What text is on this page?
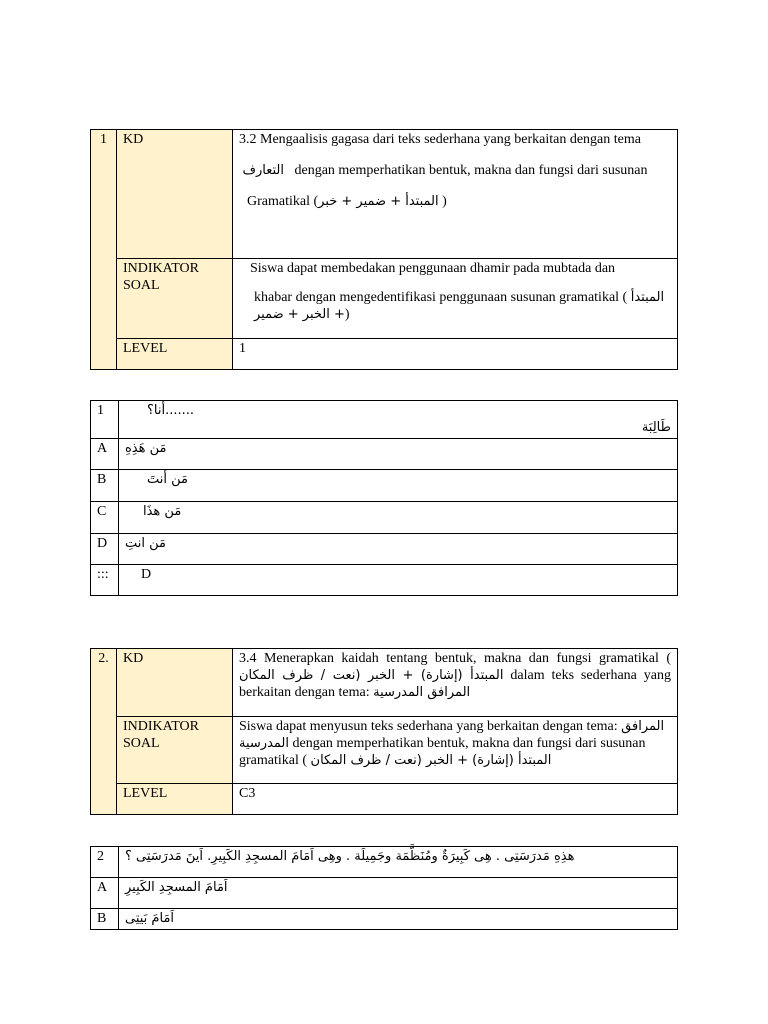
1	KD	3.2 Mengaalisis gagasa dari teks sederhana yang berkaitan dengan tema

التعارف dengan memperhatikan bentuk, makna dan fungsi dari susunan

Gramatikal (المبتدأ + ضمير + خبر )

	INDIKATOR SOAL	Siswa dapat membedakan penggunaan dhamir pada mubtada dan

khabar dengan mengedentifikasi penggunaan susunan gramatikal ( المبتدأ + الخبر + ضمير)

	LEVEL	1
1	أنا؟.......

طَالِبَة

A	مَن هَذِهِ
B	مَن أنتَ
C	مَن هذَا
D	مَن انتِ
:::	D
2.	KD	3.4 Menerapkan kaidah tentang bentuk, makna dan fungsi gramatikal ( المبتدأ (إشارة) + الخبر (نعت / ظرف المكان dalam teks sederhana yang berkaitan dengan tema: المرافق المدرسية
	INDIKATOR SOAL	Siswa dapat menyusun teks sederhana yang berkaitan dengan tema: المرافق المدرسية dengan memperhatikan bentuk, makna dan fungsi dari susunan gramatikal ( المبتدأ (إشارة) + الخبر (نعت / ظرف المكان
	LEVEL	C3
2	هذِهِ مَدرَسَتِى . هِى كَبِيرَةٌ ومُنَظَّمَة وجَمِيلَة . وهِى اَمَامَ المسجِدِ الكَبِيرِ. اَينَ مَدرَسَتِى ؟
A	اَمَامَ المسجِدِ الكَبِيرِ
B	اَمَامَ بَيتِى
